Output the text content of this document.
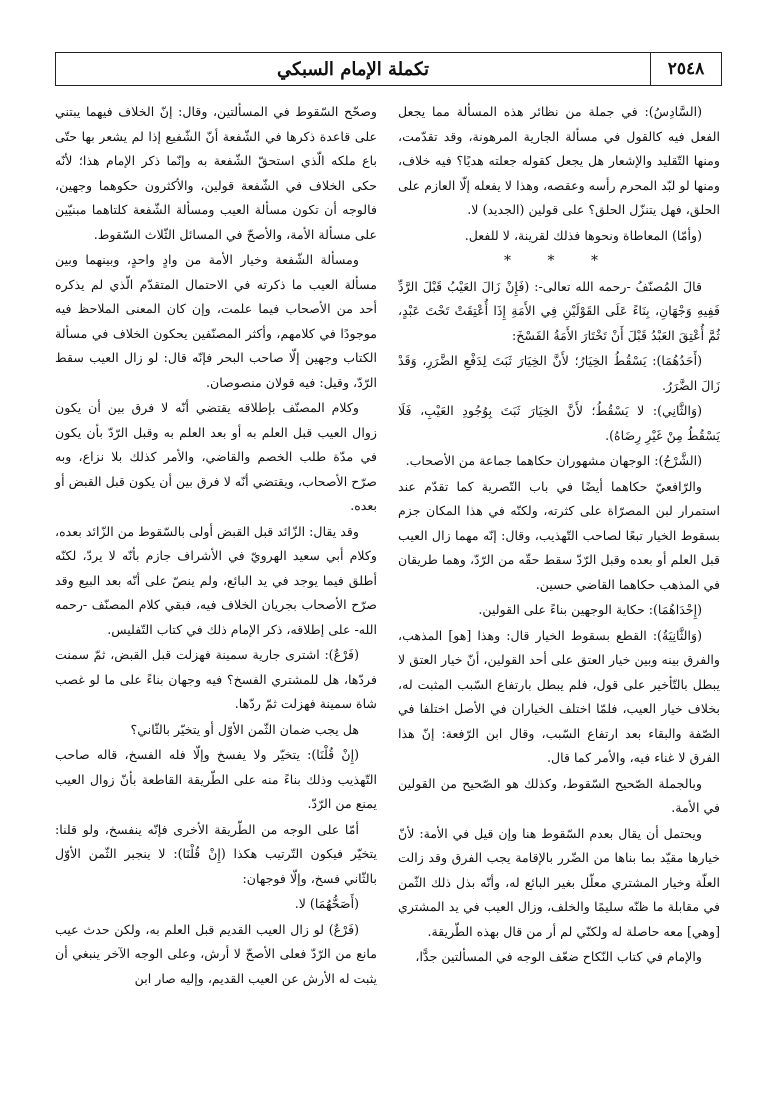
٢٥٤٨
تكملة الإمام السبكي

(السَّادِسُ): في جملة من نظائر هذه المسألة مما يجعل الفعل فيه كالقول في مسألة الجارية المرهونة، وقد تقدّمت، ومنها التّقليد والإشعار هل يجعل كقوله جعلته هديًا؟ فيه خلاف، ومنها لو لبّد المحرم رأسه وعقصه، وهذا لا يفعله إلّا العازم على الحلق، فهل يتنزّل الحلق؟ على قولين (الجديد) لا.

(وأمّا) المعاطاة ونحوها فذلك لقرينة، لا للفعل.

* * *

قالَ المُصنّفُ -رحمه الله تعالى-: (فَإِنْ زَالَ العَيْبُ قَبْلَ الرَّدِّ فَفِيهِ وَجْهَانِ، بِنَاءً عَلَى القَوْلَيْنِ فِي الأَمَةِ إِذَا أُعْتِقَتْ تَحْتَ عَبْدٍ، ثُمَّ أُعْتِقَ العَبْدُ قَبْلَ أَنْ تَخْتَارَ الأَمَةُ الفَسْخَ:

(أَحَدُهُمَا): يَسْقُطُ الخِيَارُ؛ لأَنَّ الخِيَارَ ثَبَتَ لِدَفْعِ الضَّرَرِ، وَقَدْ زَالَ الضَّرَرُ.

(وَالثَّانِي): لا يَسْقُطُ؛ لأَنَّ الخِيَارَ ثَبَتَ بِوُجُودِ العَيْبِ، فَلَا يَسْقُطُ مِنْ غَيْرِ رِضَاهُ).

(الشَّرْحُ): الوجهان مشهوران حكاهما جماعة من الأصحاب.

والرّافعيّ حكاهما أيضًا في باب التّصرية كما تقدّم عند استمرار لبن المصرّاة على كثرته، ولكنّه في هذا المكان جزم بسقوط الخيار تبعًا لصاحب التّهذيب، وقال: إنّه مهما زال العيب قبل العلم أو بعده وقبل الرّدّ سقط حقّه من الرّدّ، وهما طريقان في المذهب حكاهما القاضي حسين.

(إِحْدَاهُمَا): حكاية الوجهين بناءً على القولين.

(وَالثَّانِيَةُ): القطع بسقوط الخيار قال: وهذا [هو] المذهب، والفرق بينه وبين خيار العتق على أحد القولين، أنّ خيار العتق لا يبطل بالتّأخير على قول، فلم يبطل بارتفاع السّبب المثبت له، بخلاف خيار العيب، فلمّا اختلف الخياران في الأصل اختلفا في الصّفة والبقاء بعد ارتفاع السّبب، وقال ابن الرّفعة: إنّ هذا الفرق لا غناء فيه، والأمر كما قال.

وبالجملة الصّحيح السّقوط، وكذلك هو الصّحيح من القولين في الأمة.

ويحتمل أن يقال بعدم السّقوط هنا وإن قيل في الأمة: لأنّ خيارها مقيّد بما بناها من الضّرر بالإقامة يجب الفرق وقد زالت العلّة وخيار المشتري معلّل بغير البائع له، وأنّه بذل ذلك الثّمن في مقابلة ما ظنّه سليمًا والخلف، وزال العيب في يد المشتري [وهي] معه حاصلة له ولكنّي لم أر من قال بهذه الطّريقة.

والإمام في كتاب النّكاح ضعّف الوجه في المسألتين جدًّا،

وصحّح السّقوط في المسألتين، وقال: إنّ الخلاف فيهما يبتني على قاعدة ذكرها في الشّفعة أنّ الشّفيع إذا لم يشعر بها حتّى باع ملكه الّذي استحقّ الشّفعة به وإنّما ذكر الإمام هذا؛ لأنّه حكى الخلاف في الشّفعة قولين، والأكثرون حكوهما وجهين، فالوجه أن تكون مسألة العيب ومسألة الشّفعة كلتاهما مبنيّين على مسألة الأمة، والأصحّ في المسائل الثّلاث السّقوط.

ومسألة الشّفعة وخيار الأمة من وادٍ واحدٍ، وبينهما وبين مسألة العيب ما ذكرته في الاحتمال المتقدّم الّذي لم يذكره أحد من الأصحاب فيما علمت، وإن كان المعنى الملاحظ فيه موجودًا في كلامهم، وأكثر المصنّفين يحكون الخلاف في مسألة الكتاب وجهين إلّا صاحب البحر فإنّه قال: لو زال العيب سقط الرّدّ، وقيل: فيه قولان منصوصان.

وكلام المصنّف بإطلاقه يقتضي أنّه لا فرق بين أن يكون زوال العيب قبل العلم به أو بعد العلم به وقبل الرّدّ بأن يكون في مدّة طلب الخصم والقاضي، والأمر كذلك بلا نزاع، وبه صرّح الأصحاب، ويقتضي أنّه لا فرق بين أن يكون قبل القبض أو بعده.

وقد يقال: الزّائد قبل القبض أولى بالسّقوط من الزّائد بعده، وكلام أبي سعيد الهرويّ في الأشراف جازم بأنّه لا يردّ، لكنّه أطلق فيما يوجد في يد البائع، ولم ينصّ على أنّه بعد البيع وقد صرّح الأصحاب بجريان الخلاف فيه، فبقي كلام المصنّف -رحمه الله- على إطلاقه، ذكر الإمام ذلك في كتاب التّفليس.

(فَرْعٌ): اشترى جارية سمينة فهزلت قبل القبض، ثمّ سمنت فردّها، هل للمشتري الفسخ؟ فيه وجهان بناءً على ما لو غصب شاة سمينة فهزلت ثمّ ردّها.

هل يجب ضمان الثّمن الأوّل أو يتخيّر بالثّاني؟

(إِنْ قُلْنَا): يتخيّر ولا يفسخ وإلّا فله الفسخ، قاله صاحب التّهذيب وذلك بناءً منه على الطّريقة القاطعة بأنّ زوال العيب يمنع من الرّدّ.

أمّا على الوجه من الطّريقة الأخرى فإنّه ينفسخ، ولو قلنا: يتخيّر فيكون التّرتيب هكذا (إِنْ قُلْنَا): لا ينجبر الثّمن الأوّل بالثّاني فسخ، وإلّا فوجهان:

(أَصَحُّهُمَا) لا.

(فَرْعٌ) لو زال العيب القديم قبل العلم به، ولكن حدث عيب مانع من الرّدّ فعلى الأصحّ لا أرش، وعلى الوجه الآخر ينبغي أن يثبت له الأرش عن العيب القديم، وإليه صار ابن
